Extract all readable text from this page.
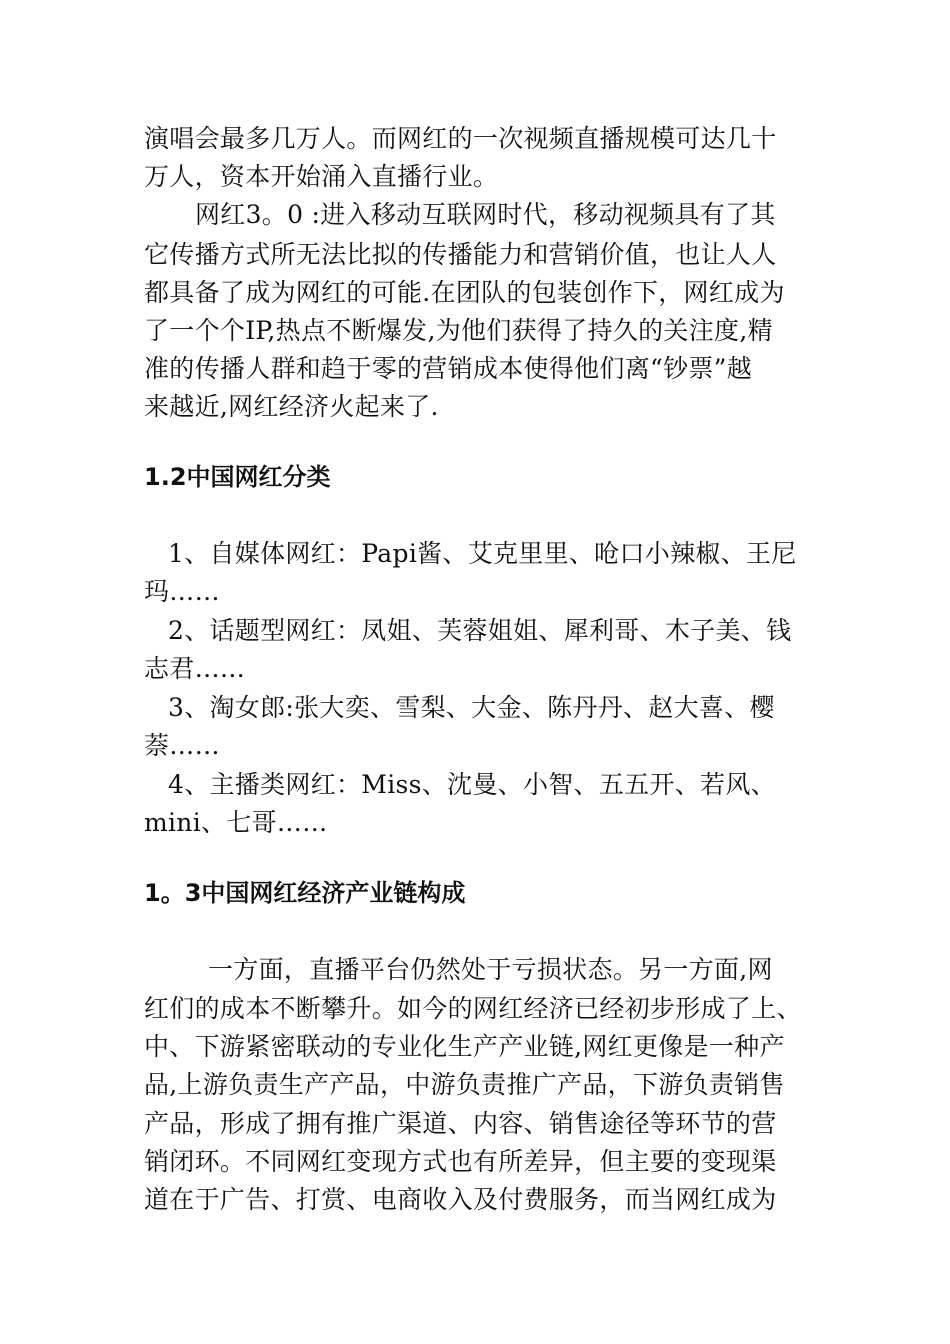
演唱会最多几万人。而网红的一次视频直播规模可达几十
万人，资本开始涌入直播行业。
网红3。0 :进入移动互联网时代，移动视频具有了其
它传播方式所无法比拟的传播能力和营销价值，也让人人
都具备了成为网红的可能.在团队的包装创作下，网红成为
了一个个IP,热点不断爆发,为他们获得了持久的关注度,精
准的传播人群和趋于零的营销成本使得他们离“钞票”越
来越近,网红经济火起来了.
1.2中国网红分类
1、自媒体网红：Papi酱、艾克里里、呛口小辣椒、王尼
玛……
2、话题型网红：凤姐、芙蓉姐姐、犀利哥、木子美、钱
志君……
3、淘女郎:张大奕、雪梨、大金、陈丹丹、赵大喜、樱
萘……
4、主播类网红：Miss、沈曼、小智、五五开、若风、
mini、七哥……
1。3中国网红经济产业链构成
一方面，直播平台仍然处于亏损状态。另一方面,网
红们的成本不断攀升。如今的网红经济已经初步形成了上、
中、下游紧密联动的专业化生产产业链,网红更像是一种产
品,上游负责生产产品，中游负责推广产品，下游负责销售
产品，形成了拥有推广渠道、内容、销售途径等环节的营
销闭环。不同网红变现方式也有所差异，但主要的变现渠
道在于广告、打赏、电商收入及付费服务，而当网红成为
